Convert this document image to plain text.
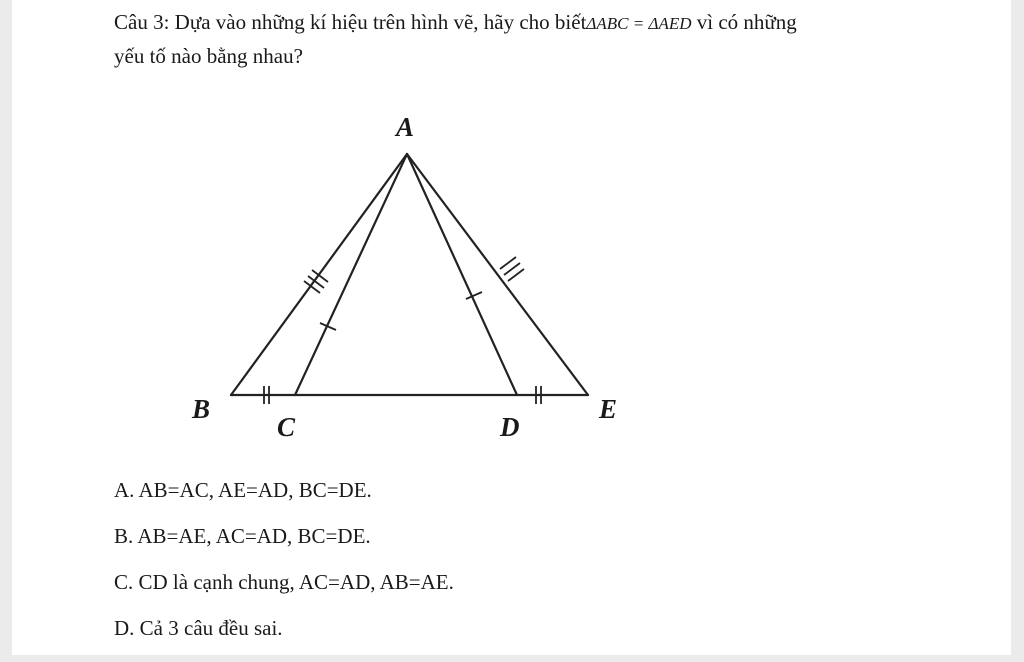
Câu 3: Dựa vào những kí hiệu trên hình vẽ, hãy cho biếtΔABC = ΔAED vì có những
yếu tố nào bằng nhau?
A
B
C	D
E
A. AB=AC, AE=AD, BC=DE.
B. AB=AE, AC=AD, BC=DE.
C. CD là cạnh chung, AC=AD, AB=AE.
D. Cả 3 câu đều sai.
